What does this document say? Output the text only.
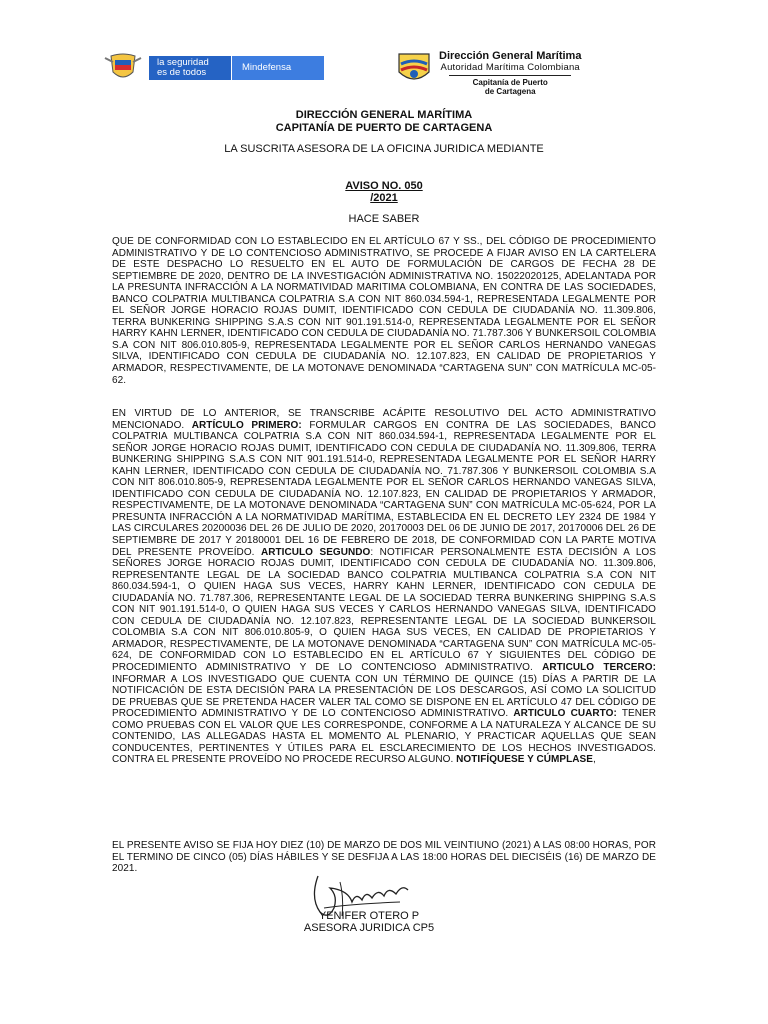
la seguridad
es de todos	Mindefensa
Dirección General Marítima
Autoridad Marítima Colombiana
Capitanía de Puerto
de Cartagena
DIRECCIÓN GENERAL MARÍTIMA
CAPITANÍA DE PUERTO DE CARTAGENA
LA SUSCRITA ASESORA DE LA OFICINA JURIDICA MEDIANTE
AVISO NO. 050
/2021
HACE SABER
QUE DE CONFORMIDAD CON LO ESTABLECIDO EN EL ARTÍCULO 67 Y SS., DEL CÓDIGO DE PROCEDIMIENTO ADMINISTRATIVO Y DE LO CONTENCIOSO ADMINISTRATIVO, SE PROCEDE A FIJAR AVISO EN LA CARTELERA DE ESTE DESPACHO LO RESUELTO EN EL AUTO DE FORMULACIÓN DE CARGOS DE FECHA 28 DE SEPTIEMBRE DE 2020, DENTRO DE LA INVESTIGACIÓN ADMINISTRATIVA NO. 15022020125, ADELANTADA POR LA PRESUNTA INFRACCIÓN A LA NORMATIVIDAD MARITIMA COLOMBIANA, EN CONTRA DE LAS SOCIEDADES, BANCO COLPATRIA MULTIBANCA COLPATRIA S.A CON NIT 860.034.594-1, REPRESENTADA LEGALMENTE POR EL SEÑOR JORGE HORACIO ROJAS DUMIT, IDENTIFICADO CON CEDULA DE CIUDADANÍA NO. 11.309.806, TERRA BUNKERING SHIPPING S.A.S CON NIT 901.191.514-0, REPRESENTADA LEGALMENTE POR EL SEÑOR HARRY KAHN LERNER, IDENTIFICADO CON CEDULA DE CIUDADANÍA NO. 71.787.306 Y BUNKERSOIL COLOMBIA S.A CON NIT 806.010.805-9, REPRESENTADA LEGALMENTE POR EL SEÑOR CARLOS HERNANDO VANEGAS SILVA, IDENTIFICADO CON CEDULA DE CIUDADANÍA NO. 12.107.823, EN CALIDAD DE PROPIETARIOS Y ARMADOR, RESPECTIVAMENTE, DE LA MOTONAVE DENOMINADA “CARTAGENA SUN” CON MATRÍCULA MC-05-62.
EN VIRTUD DE LO ANTERIOR, SE TRANSCRIBE ACÁPITE RESOLUTIVO DEL ACTO ADMINISTRATIVO MENCIONADO. ARTÍCULO PRIMERO: FORMULAR CARGOS EN CONTRA DE LAS SOCIEDADES, BANCO COLPATRIA MULTIBANCA COLPATRIA S.A CON NIT 860.034.594-1, REPRESENTADA LEGALMENTE POR EL SEÑOR JORGE HORACIO ROJAS DUMIT, IDENTIFICADO CON CEDULA DE CIUDADANÍA NO. 11.309.806, TERRA BUNKERING SHIPPING S.A.S CON NIT 901.191.514-0, REPRESENTADA LEGALMENTE POR EL SEÑOR HARRY KAHN LERNER, IDENTIFICADO CON CEDULA DE CIUDADANÍA NO. 71.787.306 Y BUNKERSOIL COLOMBIA S.A CON NIT 806.010.805-9, REPRESENTADA LEGALMENTE POR EL SEÑOR CARLOS HERNANDO VANEGAS SILVA, IDENTIFICADO CON CEDULA DE CIUDADANÍA NO. 12.107.823, EN CALIDAD DE PROPIETARIOS Y ARMADOR, RESPECTIVAMENTE, DE LA MOTONAVE DENOMINADA “CARTAGENA SUN” CON MATRÍCULA MC-05-624, POR LA PRESUNTA INFRACCIÓN A LA NORMATIVIDAD MARÍTIMA, ESTABLECIDA EN EL DECRETO LEY 2324 DE 1984 Y LAS CIRCULARES 20200036 DEL 26 DE JULIO DE 2020, 20170003 DEL 06 DE JUNIO DE 2017, 20170006 DEL 26 DE SEPTIEMBRE DE 2017 Y 20180001 DEL 16 DE FEBRERO DE 2018, DE CONFORMIDAD CON LA PARTE MOTIVA DEL PRESENTE PROVEÍDO. ARTICULO SEGUNDO: NOTIFICAR PERSONALMENTE ESTA DECISIÓN A LOS SEÑORES JORGE HORACIO ROJAS DUMIT, IDENTIFICADO CON CEDULA DE CIUDADANÍA NO. 11.309.806, REPRESENTANTE LEGAL DE LA SOCIEDAD BANCO COLPATRIA MULTIBANCA COLPATRIA S.A CON NIT 860.034.594-1, O QUIEN HAGA SUS VECES, HARRY KAHN LERNER, IDENTIFICADO CON CEDULA DE CIUDADANÍA NO. 71.787.306, REPRESENTANTE LEGAL DE LA SOCIEDAD TERRA BUNKERING SHIPPING S.A.S CON NIT 901.191.514-0, O QUIEN HAGA SUS VECES Y CARLOS HERNANDO VANEGAS SILVA, IDENTIFICADO CON CEDULA DE CIUDADANÍA NO. 12.107.823, REPRESENTANTE LEGAL DE LA SOCIEDAD BUNKERSOIL COLOMBIA S.A CON NIT 806.010.805-9, O QUIEN HAGA SUS VECES, EN CALIDAD DE PROPIETARIOS Y ARMADOR, RESPECTIVAMENTE, DE LA MOTONAVE DENOMINADA “CARTAGENA SUN” CON MATRÍCULA MC-05-624, DE CONFORMIDAD CON LO ESTABLECIDO EN EL ARTÍCULO 67 Y SIGUIENTES DEL CÓDIGO DE PROCEDIMIENTO ADMINISTRATIVO Y DE LO CONTENCIOSO ADMINISTRATIVO. ARTICULO TERCERO: INFORMAR A LOS INVESTIGADO QUE CUENTA CON UN TÉRMINO DE QUINCE (15) DÍAS A PARTIR DE LA NOTIFICACIÓN DE ESTA DECISIÓN PARA LA PRESENTACIÓN DE LOS DESCARGOS, ASÍ COMO LA SOLICITUD DE PRUEBAS QUE SE PRETENDA HACER VALER TAL COMO SE DISPONE EN EL ARTÍCULO 47 DEL CÓDIGO DE PROCEDIMIENTO ADMINISTRATIVO Y DE LO CONTENCIOSO ADMINISTRATIVO. ARTICULO CUARTO: TENER COMO PRUEBAS CON EL VALOR QUE LES CORRESPONDE, CONFORME A LA NATURALEZA Y ALCANCE DE SU CONTENIDO, LAS ALLEGADAS HASTA EL MOMENTO AL PLENARIO, Y PRACTICAR AQUELLAS QUE SEAN CONDUCENTES, PERTINENTES Y ÚTILES PARA EL ESCLARECIMIENTO DE LOS HECHOS INVESTIGADOS. CONTRA EL PRESENTE PROVEÍDO NO PROCEDE RECURSO ALGUNO. NOTIFÍQUESE Y CÚMPLASE,
EL PRESENTE AVISO SE FIJA HOY DIEZ (10) DE MARZO DE DOS MIL VEINTIUNO (2021) A LAS 08:00 HORAS, POR EL TERMINO DE CINCO (05) DÍAS HÁBILES Y SE DESFIJA A LAS 18:00 HORAS DEL DIECISÉIS (16) DE MARZO DE 2021.
YENIFER OTERO P
ASESORA JURIDICA CP5
